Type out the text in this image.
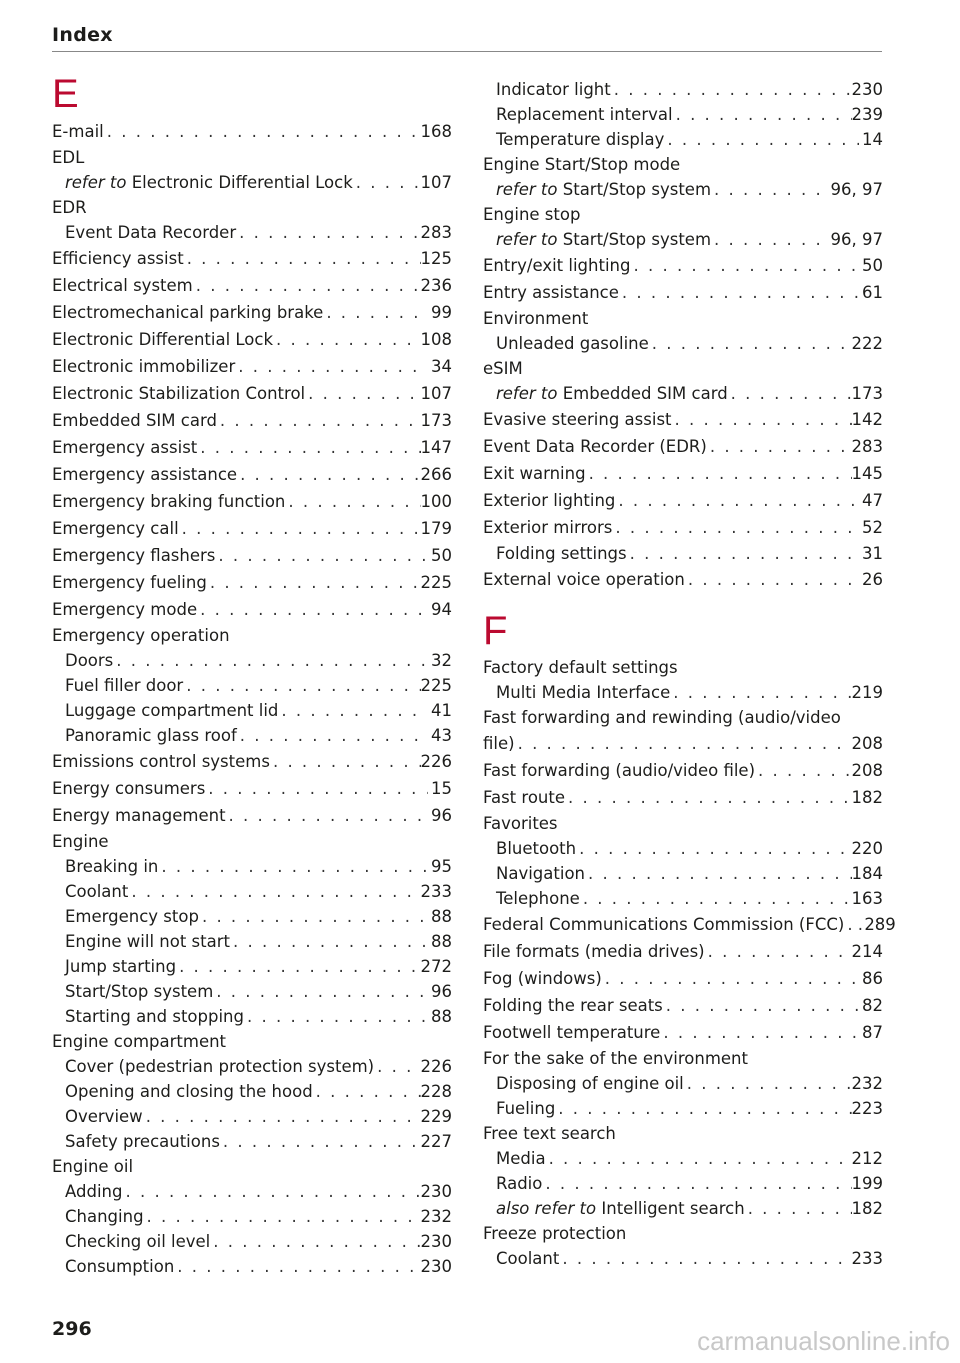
Index
E
E-mail . . .	168
EDL
refer to Electronic Differential Lock . . .	107
EDR
Event Data Recorder . . .	283
Efficiency assist . . .	125
Electrical system . . .	236
Electromechanical parking brake . . .	99
Electronic Differential Lock . . .	108
Electronic immobilizer . . .	34
Electronic Stabilization Control . . .	107
Embedded SIM card . . .	173
Emergency assist . . .	147
Emergency assistance . . .	266
Emergency braking function . . .	100
Emergency call . . .	179
Emergency flashers . . .	50
Emergency fueling . . .	225
Emergency mode . . .	94
Emergency operation
Doors . . .	32
Fuel filler door . . .	225
Luggage compartment lid . . .	41
Panoramic glass roof . . .	43
Emissions control systems . . .	226
Energy consumers . . .	15
Energy management . . .	96
Engine
Breaking in . . .	95
Coolant . . .	233
Emergency stop . . .	88
Engine will not start . . .	88
Jump starting . . .	272
Start/Stop system . . .	96
Starting and stopping . . .	88
Engine compartment
Cover (pedestrian protection system) . . .	226
Opening and closing the hood . . .	228
Overview . . .	229
Safety precautions . . .	227
Engine oil
Adding . . .	230
Changing . . .	232
Checking oil level . . .	230
Consumption . . .	230
Indicator light . . .	230
Replacement interval . . .	239
Temperature display . . .	14
Engine Start/Stop mode
refer to Start/Stop system . . .	96, 97
Engine stop
refer to Start/Stop system . . .	96, 97
Entry/exit lighting . . .	50
Entry assistance . . .	61
Environment
Unleaded gasoline . . .	222
eSIM
refer to Embedded SIM card . . .	173
Evasive steering assist . . .	142
Event Data Recorder (EDR) . . .	283
Exit warning . . .	145
Exterior lighting . . .	47
Exterior mirrors . . .	52
Folding settings . . .	31
External voice operation . . .	26
F
Factory default settings
Multi Media Interface . . .	219
Fast forwarding and rewinding (audio/video
file) . . .	208
Fast forwarding (audio/video file) . . .	208
Fast route . . .	182
Favorites
Bluetooth . . .	220
Navigation . . .	184
Telephone . . .	163
Federal Communications Commission (FCC) . . . 289
File formats (media drives) . . .	214
Fog (windows) . . .	86
Folding the rear seats . . .	82
Footwell temperature . . .	87
For the sake of the environment
Disposing of engine oil . . .	232
Fueling . . .	223
Free text search
Media . . .	212
Radio . . .	199
also refer to Intelligent search . . .	182
Freeze protection
Coolant . . .	233
296	carmanualsonline.info
